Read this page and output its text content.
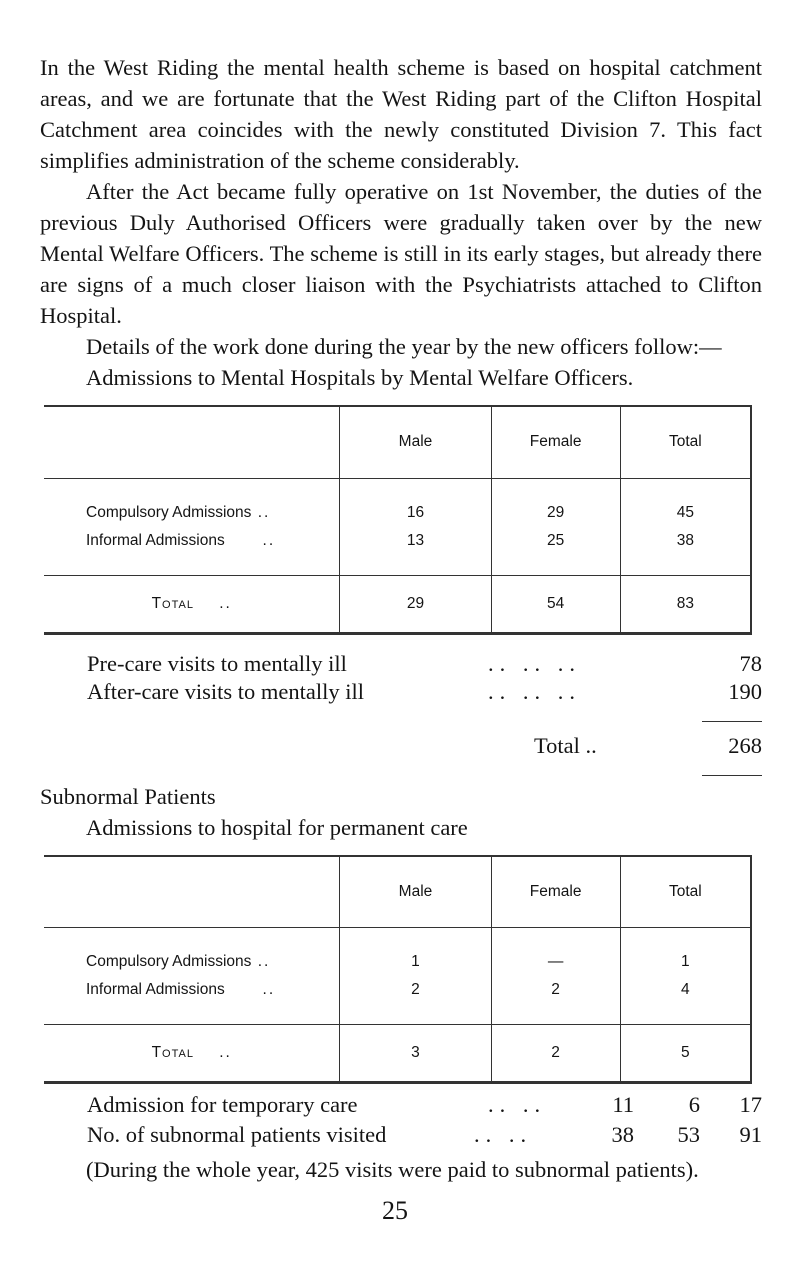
In the West Riding the mental health scheme is based on hospital catchment areas, and we are fortunate that the West Riding part of the Clifton Hospital Catchment area coincides with the newly constituted Division 7. This fact simplifies administration of the scheme considerably.

After the Act became fully operative on 1st November, the duties of the previous Duly Authorised Officers were gradually taken over by the new Mental Welfare Officers. The scheme is still in its early stages, but already there are signs of a much closer liaison with the Psychiatrists attached to Clifton Hospital.

Details of the work done during the year by the new officers follow:—

Admissions to Mental Hospitals by Mental Welfare Officers.

	Male	Female	Total
Compulsory Admissions ..	16	29	45
Informal Admissions      ..	13	25	38
Total    ..	29	54	83
Pre-care visits to mentally ill	.. .. ..	78
After-care visits to mentally ill	.. .. ..	190
Total ..	268

Subnormal Patients

Admissions to hospital for permanent care

	Male	Female	Total
Compulsory Admissions ..	1	—	1
Informal Admissions      ..	2	2	4
Total    ..	3	2	5
Admission for temporary care	.. ..	11	6	17
No. of subnormal patients visited	.. ..	38	53	91

(During the whole year, 425 visits were paid to subnormal patients).

25
